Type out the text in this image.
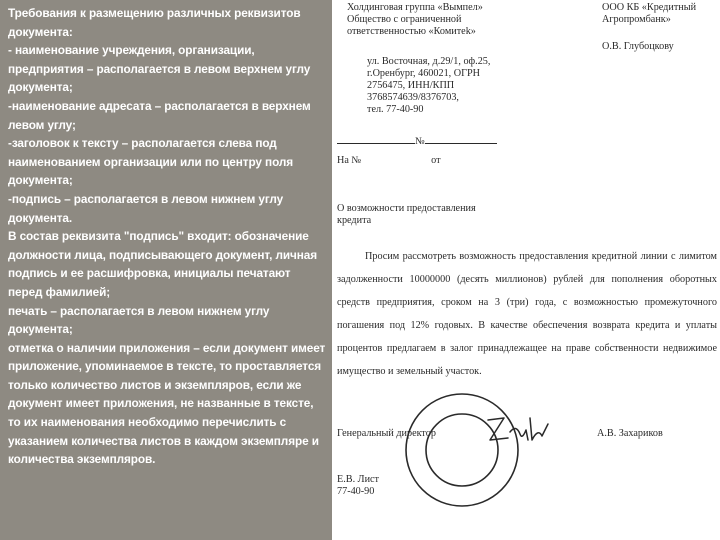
Требования к размещению различных реквизитов документа:

- наименование учреждения, организации, предприятия – располагается в левом верхнем углу документа;

-наименование адресата – располагается в верхнем левом углу;

-заголовок к тексту – располагается слева под наименованием организации или по центру поля документа;

-подпись – располагается в левом нижнем углу документа.

В состав реквизита "подпись" входит: обозначение должности лица, подписывающего документ, личная подпись и ее расшифровка, инициалы печатают перед фамилией;

печать – располагается в левом нижнем углу документа;

отметка о наличии приложения – если документ имеет приложение, упоминаемое в тексте, то проставляется только количество листов и экземпляров, если же документ имеет приложения, не названные в тексте, то их наименования необходимо перечислить с указанием количества листов в каждом экземпляре и количества экземпляров.

Холдинговая группа «Вымпел»
Общество с ограниченной
ответственностью «Комитеk»
ООО КБ «Кредитный
Агропромбанк»
О.В. Глубоцкову
ул. Восточная, д.29/1, оф.25,
г.Оренбург, 460021, ОГРН
2756475, ИНН/КПП
3768574639/8376703,
тел. 77-40-90
№
На №	от
О возможности предоставления
кредита
Просим рассмотреть возможность предоставления кредитной линии с лимитом задолженности 10000000 (десять миллионов) рублей для пополнения оборотных средств предприятия, сроком на 3 (три) года, с возможностью промежуточного погашения под 12% годовых. В качестве обеспечения возврата кредита и уплаты процентов предлагаем в залог принадлежащее на праве собственности недвижимое имущество и земельный участок.
Генеральный директор	А.В. Захариков
Е.В. Лист
77-40-90
